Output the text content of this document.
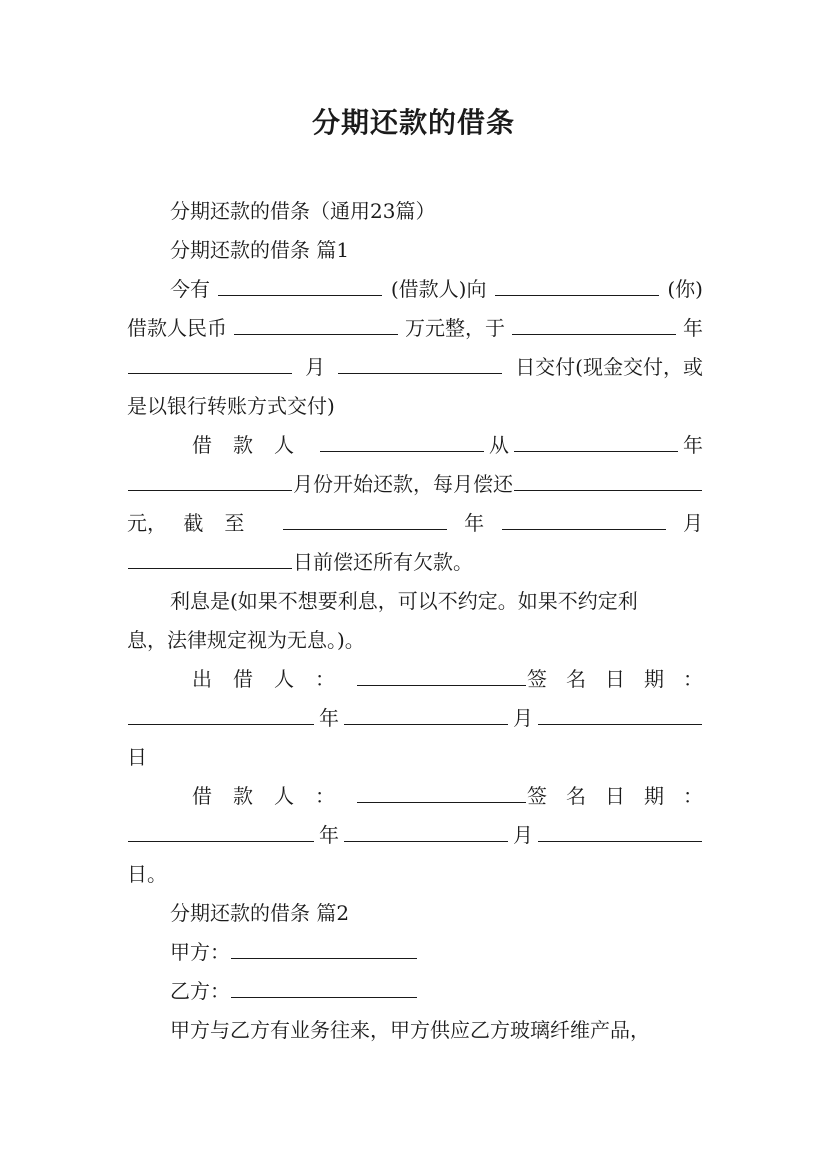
分期还款的借条
分期还款的借条（通用23篇）
分期还款的借条 篇1
今有	(借款人)向	(你)
借款人民币	万元整，于	年
月	日交付(现金交付，或
是以银行转账方式交付)
借款人	从	年
月份开始还款，每月偿还
元， 截至	年	月
日前偿还所有欠款。
利息是(如果不想要利息，可以不约定。如果不约定利
息，法律规定视为无息。)。
出借人：	签名日期：
年	月
日
借款人：	签名日期：
年	月
日。
分期还款的借条 篇2
甲方：
乙方：
甲方与乙方有业务往来，甲方供应乙方玻璃纤维产品，
